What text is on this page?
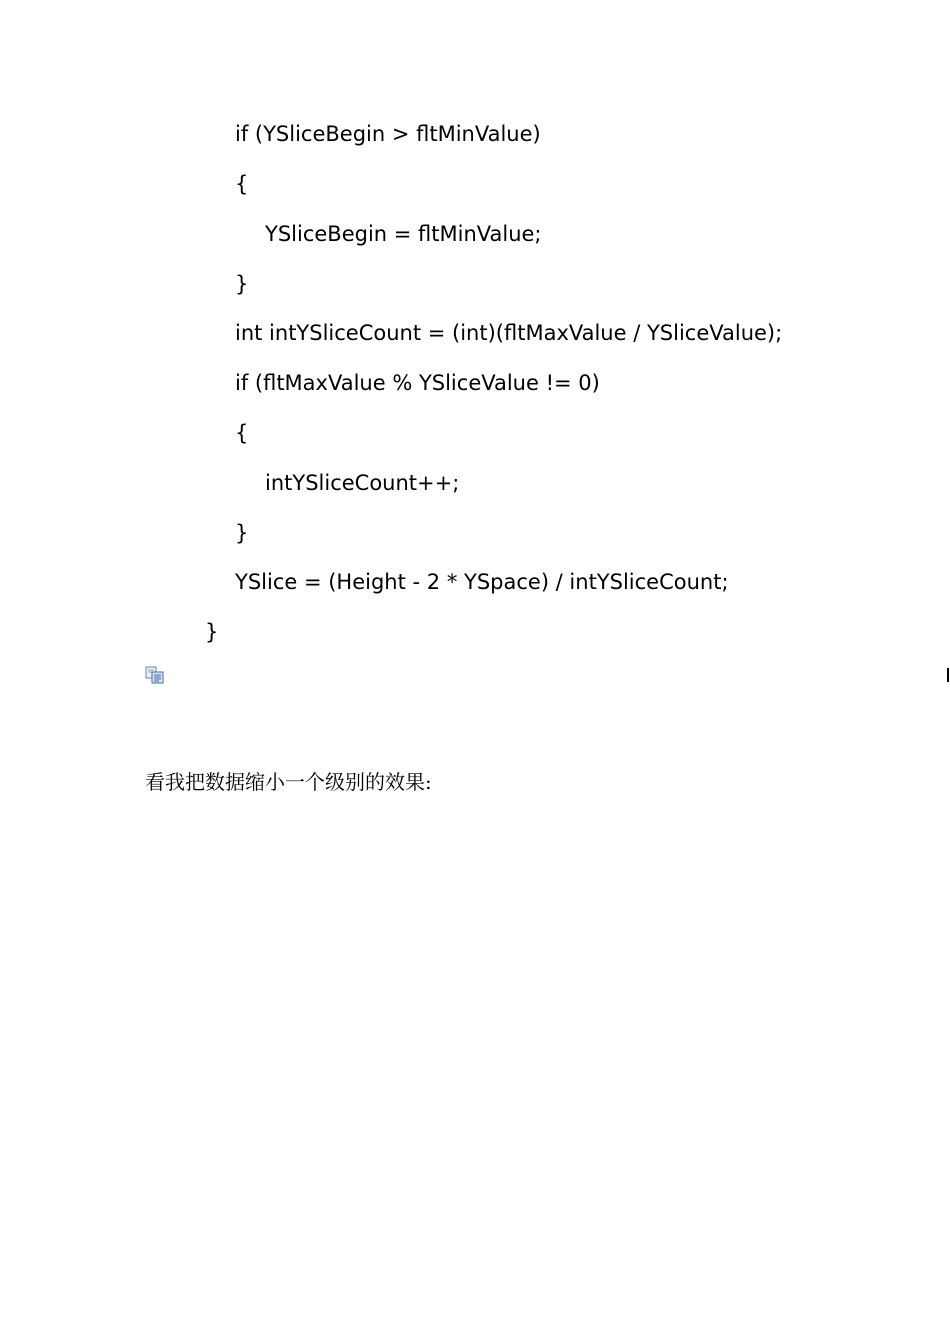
if (YSliceBegin > fltMinValue)
{
YSliceBegin = fltMinValue;
}
int intYSliceCount = (int)(fltMaxValue / YSliceValue);
if (fltMaxValue % YSliceValue != 0)
{
intYSliceCount++;
}
YSlice = (Height - 2 * YSpace) / intYSliceCount;
}
看我把数据缩小一个级别的效果:
